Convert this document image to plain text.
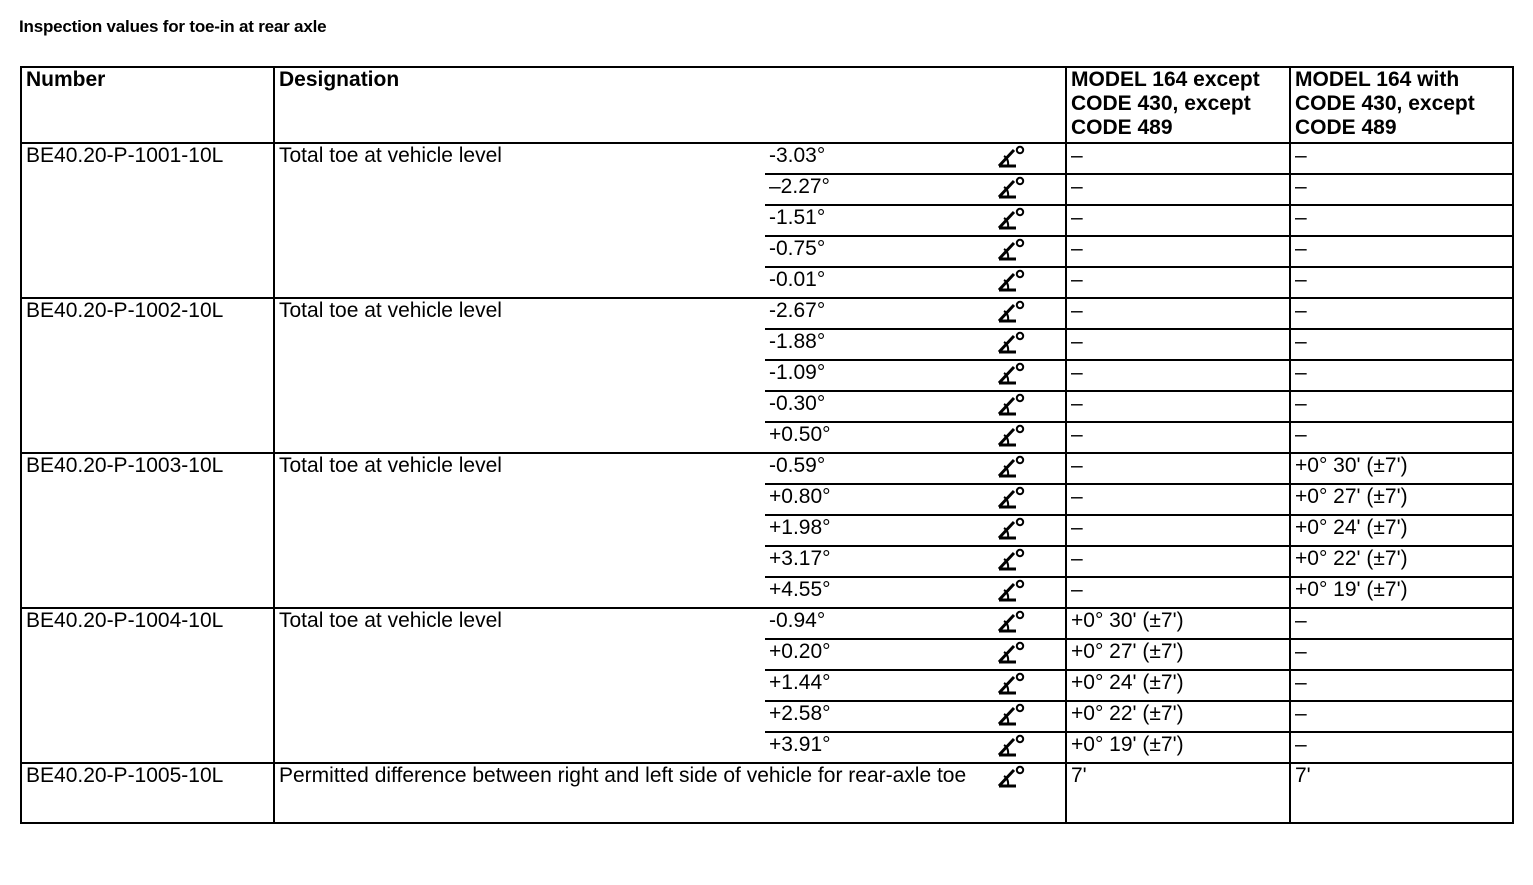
Inspection values for toe-in at rear axle
Number	Designation			MODEL 164 except CODE 430, except CODE 489	MODEL 164 with CODE 430, except CODE 489
BE40.20-P-1001-10L	Total toe at vehicle level	-3.03°		–	–
		–2.27°		–	–
		-1.51°		–	–
		-0.75°		–	–
		-0.01°		–	–
BE40.20-P-1002-10L	Total toe at vehicle level	-2.67°		–	–
		-1.88°		–	–
		-1.09°		–	–
		-0.30°		–	–
		+0.50°		–	–
BE40.20-P-1003-10L	Total toe at vehicle level	-0.59°		–	+0° 30' (±7')
		+0.80°		–	+0° 27' (±7')
		+1.98°		–	+0° 24' (±7')
		+3.17°		–	+0° 22' (±7')
		+4.55°		–	+0° 19' (±7')
BE40.20-P-1004-10L	Total toe at vehicle level	-0.94°		+0° 30' (±7')	–
		+0.20°		+0° 27' (±7')	–
		+1.44°		+0° 24' (±7')	–
		+2.58°		+0° 22' (±7')	–
		+3.91°		+0° 19' (±7')	–
BE40.20-P-1005-10L	Permitted difference between right and left side of vehicle for rear-axle toe			7'	7'
